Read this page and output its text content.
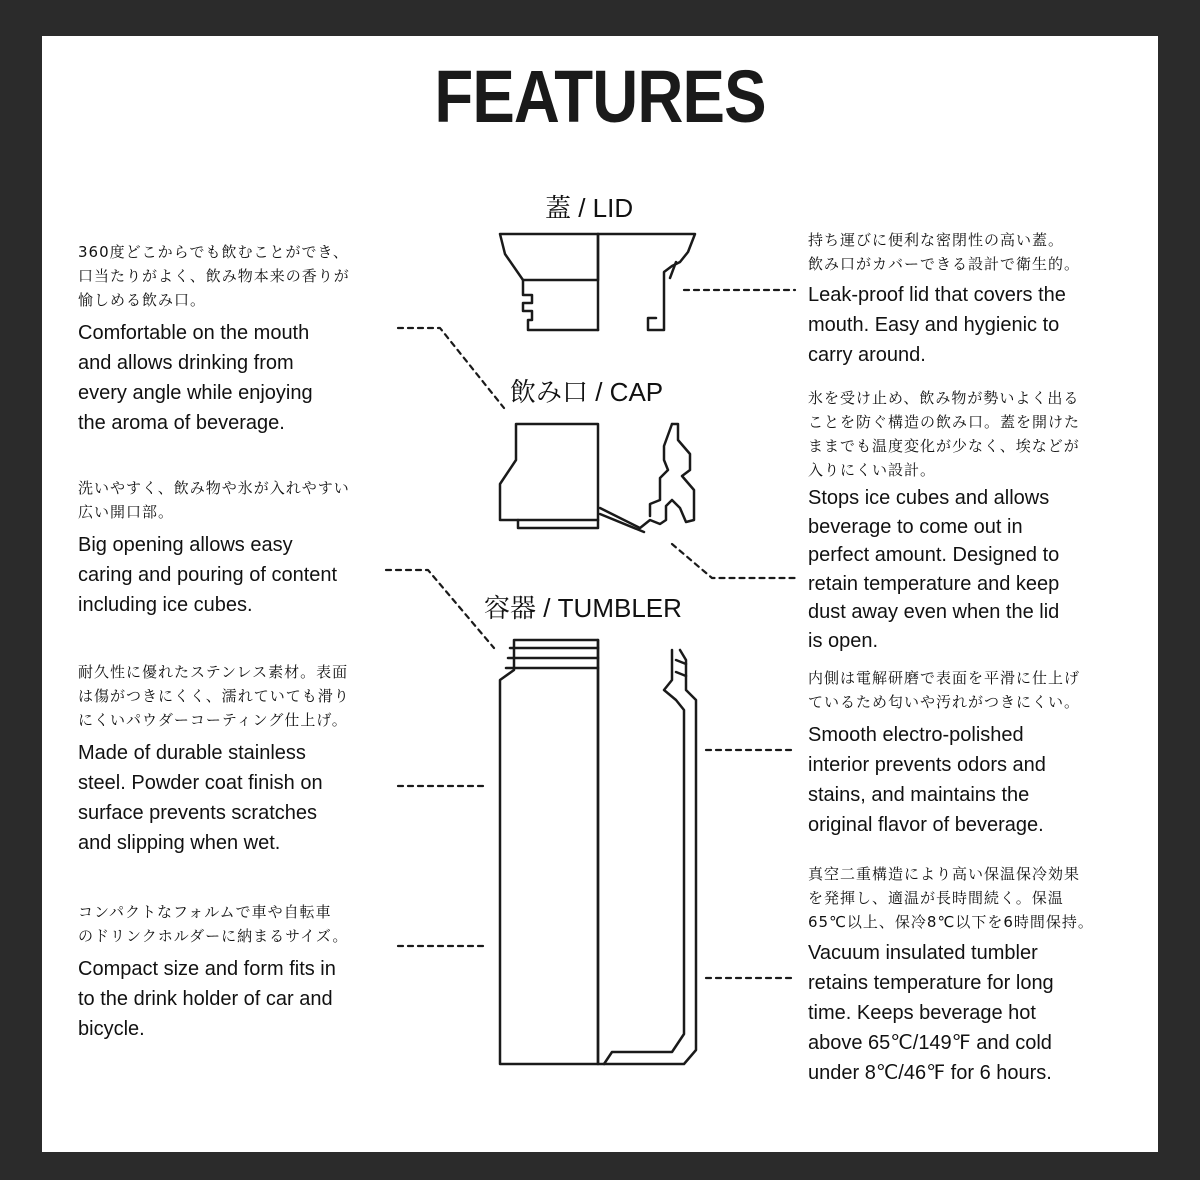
FEATURES
蓋 / LID
飲み口 / CAP
容器 / TUMBLER

360度どこからでも飲むことができ、

口当たりがよく、飲み物本来の香りが

愉しめる飲み口。

Comfortable on the mouth

and allows drinking from

every angle while enjoying

the aroma of beverage.

洗いやすく、飲み物や氷が入れやすい

広い開口部。

Big opening allows easy

caring and pouring of content

including ice cubes.

耐久性に優れたステンレス素材。表面

は傷がつきにくく、濡れていても滑り

にくいパウダーコーティング仕上げ。

Made of durable stainless

steel. Powder coat finish on

surface prevents scratches

and slipping when wet.

コンパクトなフォルムで車や自転車

のドリンクホルダーに納まるサイズ。

Compact size and form fits in

to the drink holder of car and

bicycle.

持ち運びに便利な密閉性の高い蓋。

飲み口がカバーできる設計で衛生的。

Leak-proof lid that covers the

mouth. Easy and hygienic to

carry around.

氷を受け止め、飲み物が勢いよく出る

ことを防ぐ構造の飲み口。蓋を開けた

ままでも温度変化が少なく、埃などが

入りにくい設計。

Stops ice cubes and allows

beverage to come out in

perfect amount. Designed to

retain temperature and keep

dust away even when the lid

is open.

内側は電解研磨で表面を平滑に仕上げ

ているため匂いや汚れがつきにくい。

Smooth electro-polished

interior prevents odors and

stains, and maintains the

original flavor of beverage.

真空二重構造により高い保温保冷効果

を発揮し、適温が長時間続く。保温

65℃以上、保冷8℃以下を6時間保持。

Vacuum insulated tumbler

retains temperature for long

time. Keeps beverage hot

above 65℃/149℉ and cold

under 8℃/46℉ for 6 hours.
